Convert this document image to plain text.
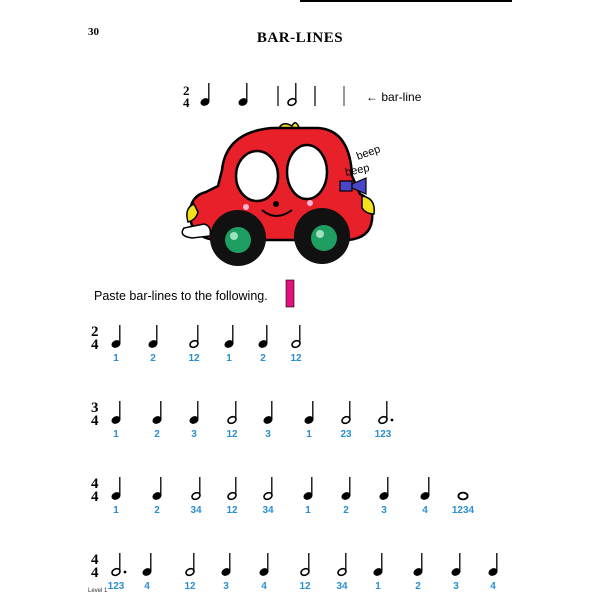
30	BAR-LINES
← bar-line
Paste bar-lines to the following.
Level 1
2
4
beep
beep
2
4
1	2	12	1	2 12
3
4
1	2	3	12	3	1	23 123
4
4
1	2	34 12 34	1	2	3	4 1234
4
4
123 4	12	3	4	12	34	1	2	3	4
